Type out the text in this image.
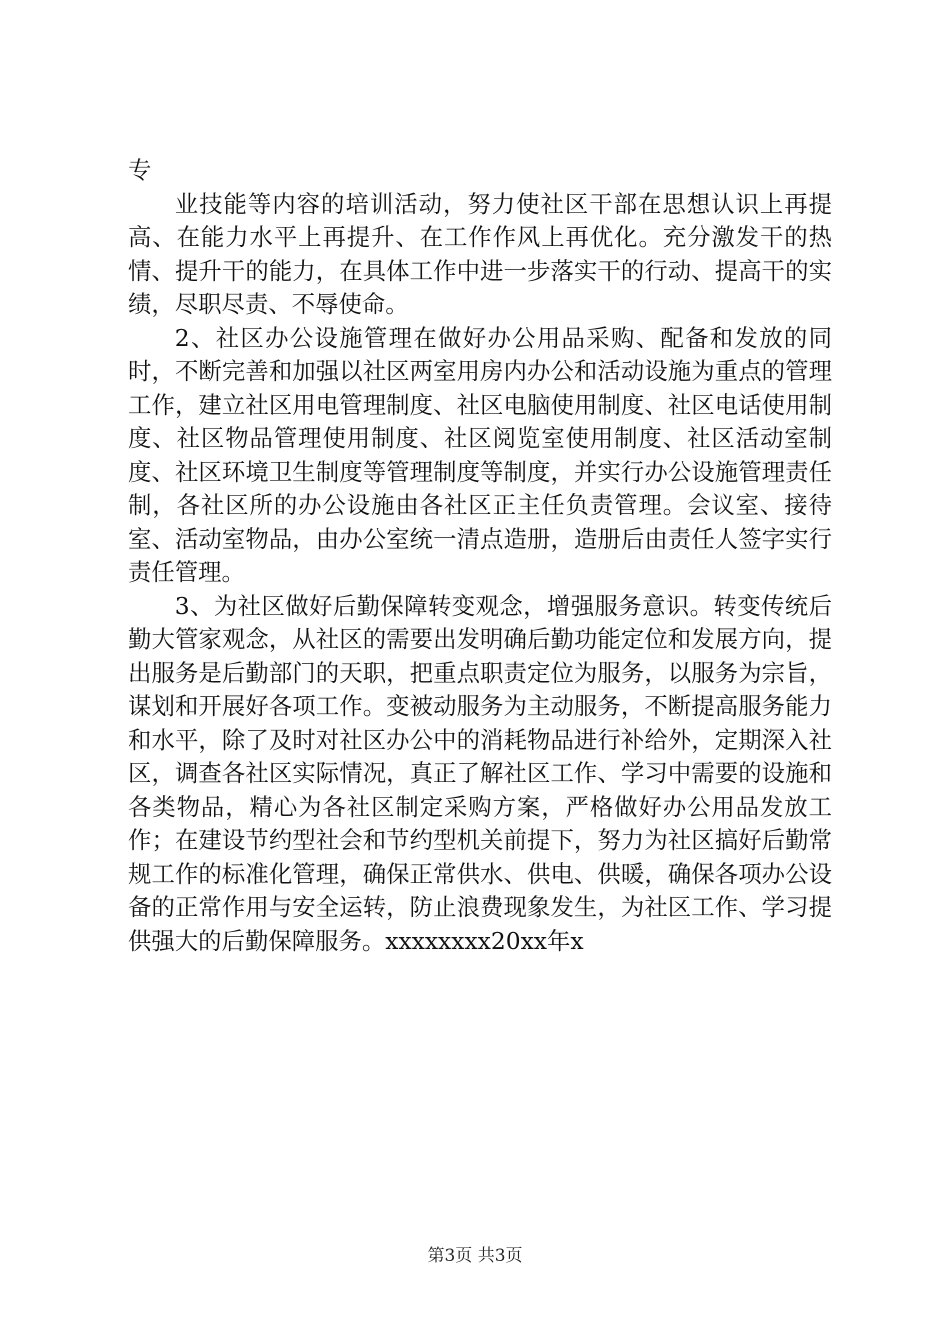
专

业技能等内容的培训活动，努力使社区干部在思想认识上再提高、在能力水平上再提升、在工作作风上再优化。充分激发干的热情、提升干的能力，在具体工作中进一步落实干的行动、提高干的实绩，尽职尽责、不辱使命。

2、社区办公设施管理在做好办公用品采购、配备和发放的同时，不断完善和加强以社区两室用房内办公和活动设施为重点的管理工作，建立社区用电管理制度、社区电脑使用制度、社区电话使用制度、社区物品管理使用制度、社区阅览室使用制度、社区活动室制度、社区环境卫生制度等管理制度等制度，并实行办公设施管理责任制，各社区所的办公设施由各社区正主任负责管理。会议室、接待室、活动室物品，由办公室统一清点造册，造册后由责任人签字实行责任管理。

3、为社区做好后勤保障转变观念，增强服务意识。转变传统后勤大管家观念，从社区的需要出发明确后勤功能定位和发展方向，提出服务是后勤部门的天职，把重点职责定位为服务，以服务为宗旨，谋划和开展好各项工作。变被动服务为主动服务，不断提高服务能力和水平，除了及时对社区办公中的消耗物品进行补给外，定期深入社区，调查各社区实际情况，真正了解社区工作、学习中需要的设施和各类物品，精心为各社区制定采购方案，严格做好办公用品发放工作；在建设节约型社会和节约型机关前提下，努力为社区搞好后勤常规工作的标准化管理，确保正常供水、供电、供暖，确保各项办公设备的正常作用与安全运转，防止浪费现象发生，为社区工作、学习提供强大的后勤保障服务。xxxxxxxx20xx年x

第3页 共3页
